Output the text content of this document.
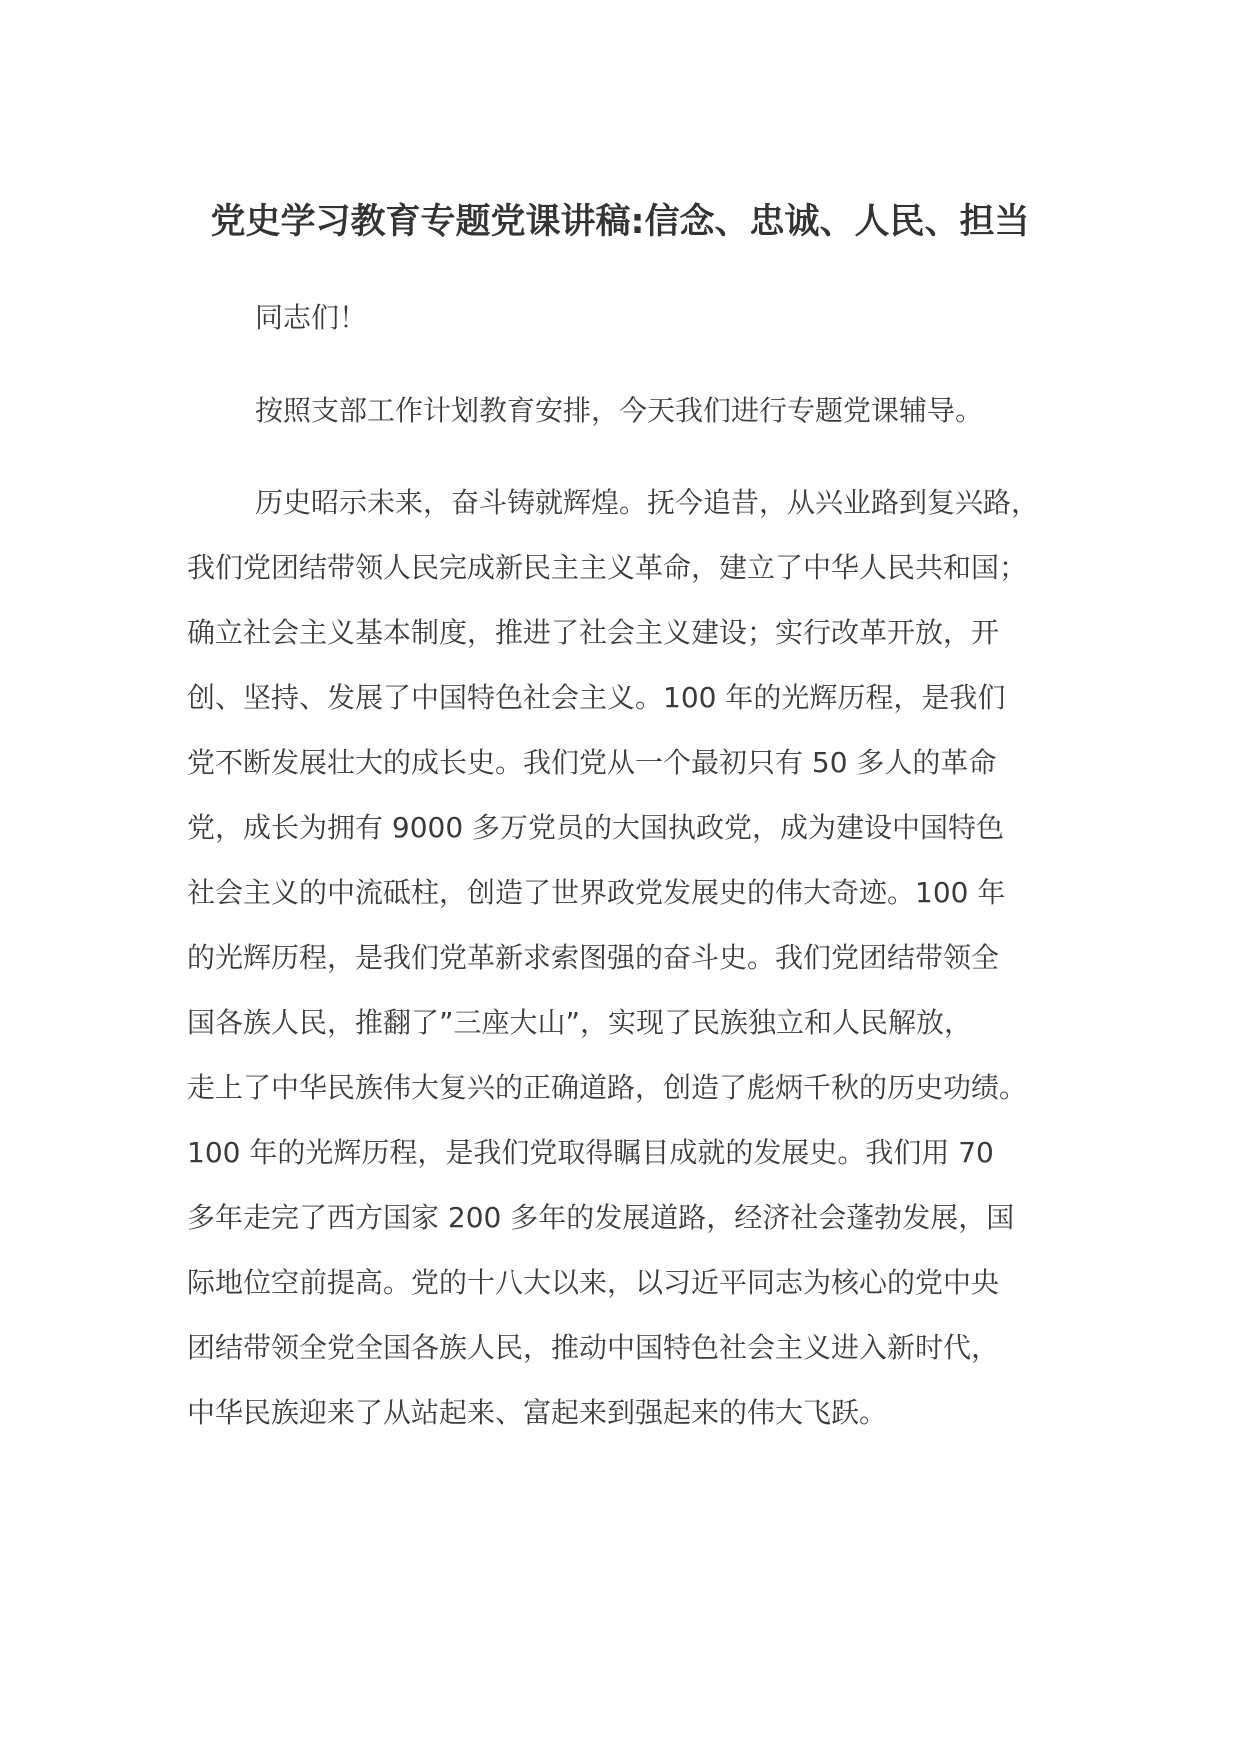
党史学习教育专题党课讲稿:信念、忠诚、人民、担当

同志们！

按照支部工作计划教育安排，今天我们进行专题党课辅导。

历史昭示未来，奋斗铸就辉煌。抚今追昔，从兴业路到复兴路，
我们党团结带领人民完成新民主主义革命，建立了中华人民共和国；
确立社会主义基本制度，推进了社会主义建设；实行改革开放，开
创、坚持、发展了中国特色社会主义。100 年的光辉历程，是我们
党不断发展壮大的成长史。我们党从一个最初只有 50 多人的革命
党，成长为拥有 9000 多万党员的大国执政党，成为建设中国特色
社会主义的中流砥柱，创造了世界政党发展史的伟大奇迹。100 年
的光辉历程，是我们党革新求索图强的奋斗史。我们党团结带领全
国各族人民，推翻了”三座大山”，实现了民族独立和人民解放，
走上了中华民族伟大复兴的正确道路，创造了彪炳千秋的历史功绩。
100 年的光辉历程，是我们党取得瞩目成就的发展史。我们用 70
多年走完了西方国家 200 多年的发展道路，经济社会蓬勃发展，国
际地位空前提高。党的十八大以来，以习近平同志为核心的党中央
团结带领全党全国各族人民，推动中国特色社会主义进入新时代，
中华民族迎来了从站起来、富起来到强起来的伟大飞跃。
